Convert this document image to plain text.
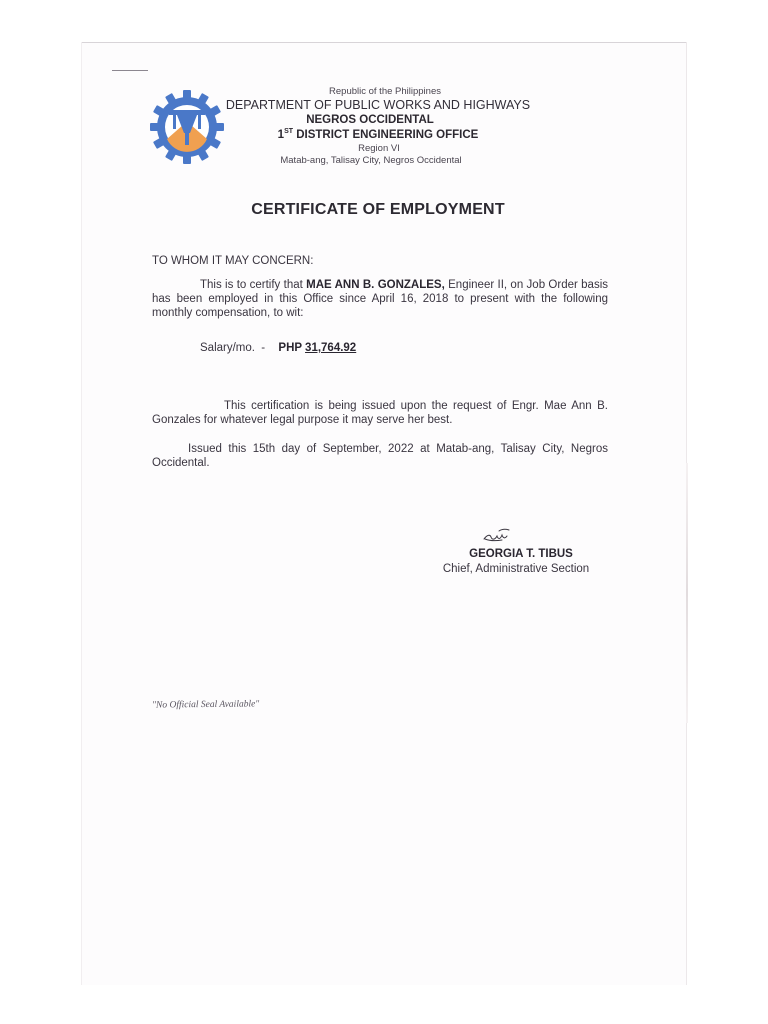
Republic of the Philippines
DEPARTMENT OF PUBLIC WORKS AND HIGHWAYS
NEGROS OCCIDENTAL
1ST DISTRICT ENGINEERING OFFICE
Region VI
Matab-ang, Talisay City, Negros Occidental
CERTIFICATE OF EMPLOYMENT
TO WHOM IT MAY CONCERN:
This is to certify that MAE ANN B. GONZALES, Engineer II, on Job Order basis has been employed in this Office since April 16, 2018 to present with the following monthly compensation, to wit:
Salary/mo. - PHP 31,764.92
This certification is being issued upon the request of Engr. Mae Ann B. Gonzales for whatever legal purpose it may serve her best.
Issued this 15th day of September, 2022 at Matab-ang, Talisay City, Negros Occidental.
GEORGIA T. TIBUS
Chief, Administrative Section
"No Official Seal Available"
